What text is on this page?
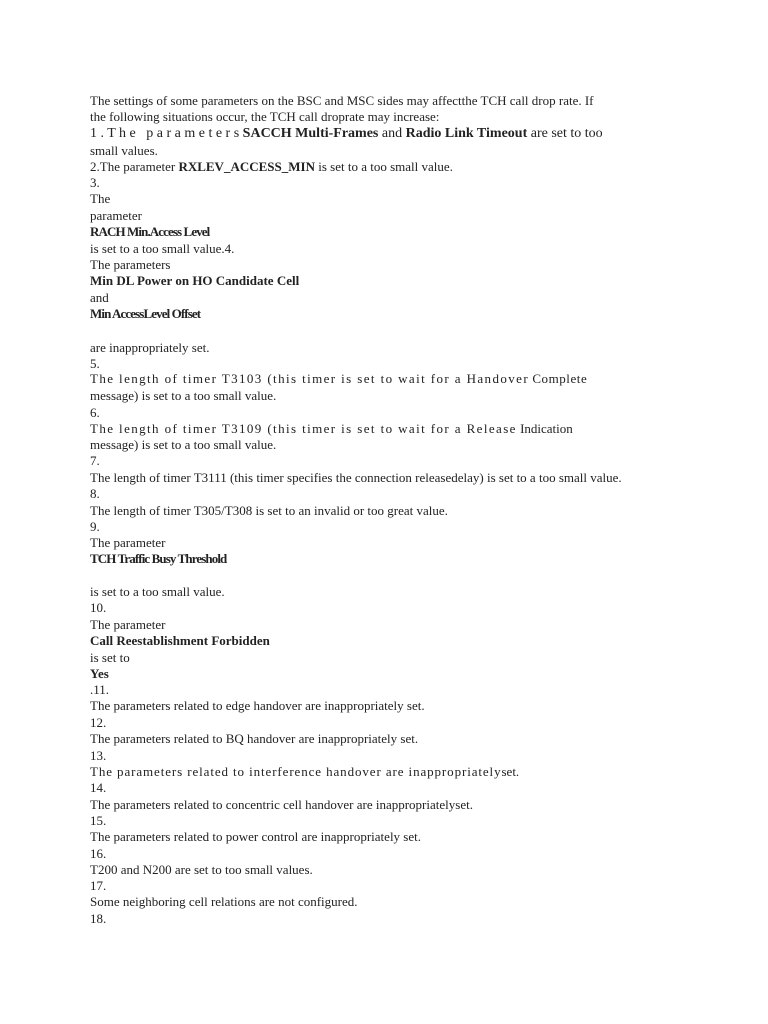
The settings of some parameters on the BSC and MSC sides may affectthe TCH call drop rate. If

the following situations occur, the TCH call droprate may increase:

1 . T h e   p a r a m e t e r s SACCH Multi-Frames and Radio Link Timeout are set to too

small values.

2.The parameter RXLEV_ACCESS_MIN is set to a too small value.

3.

The

parameter

RACH Min.Access Level

is set to a too small value.4.

The parameters

Min DL Power on HO Candidate Cell

and

Min AccessLevel Offset

are inappropriately set.

5.

The length of timer T3103 (this timer is set to wait for a Handover Complete

message) is set to a too small value.

6.

The length of timer T3109 (this timer is set to wait for a Release Indication

message) is set to a too small value.

7.

The length of timer T3111 (this timer specifies the connection releasedelay) is set to a too small value.

8.

The length of timer T305/T308 is set to an invalid or too great value.

9.

The parameter

TCH Traffic Busy Threshold

is set to a too small value.

10.

The parameter

Call Reestablishment Forbidden

is set to

Yes

.11.

The parameters related to edge handover are inappropriately set.

12.

The parameters related to BQ handover are inappropriately set.

13.

The parameters related to interference handover are inappropriatelyset.

14.

The parameters related to concentric cell handover are inappropriatelyset.

15.

The parameters related to power control are inappropriately set.

16.

T200 and N200 are set to too small values.

17.

Some neighboring cell relations are not configured.

18.
